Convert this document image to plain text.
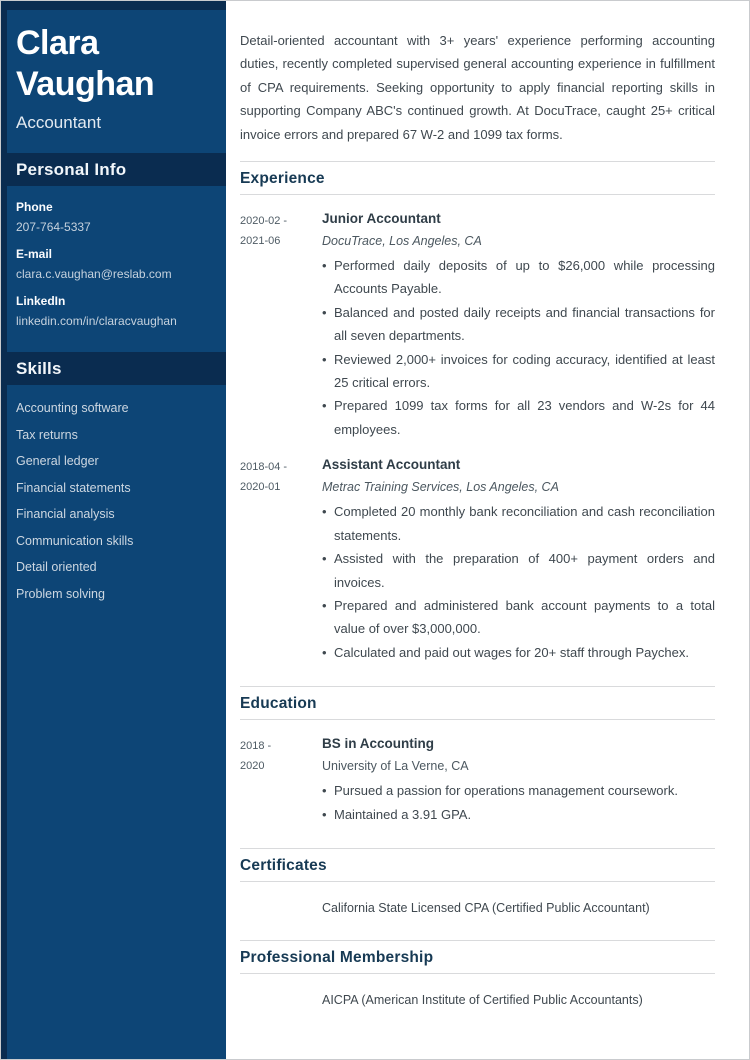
Clara Vaughan
Accountant
Personal Info
Phone
207-764-5337
E-mail
clara.c.vaughan@reslab.com
LinkedIn
linkedin.com/in/claracvaughan
Skills
Accounting software
Tax returns
General ledger
Financial statements
Financial analysis
Communication skills
Detail oriented
Problem solving

Detail-oriented accountant with 3+ years' experience performing accounting duties, recently completed supervised general accounting experience in fulfillment of CPA requirements. Seeking opportunity to apply financial reporting skills in supporting Company ABC's continued growth. At DocuTrace, caught 25+ critical invoice errors and prepared 67 W-2 and 1099 tax forms.

Experience
2020-02 -
2021-06
Junior Accountant
DocuTrace, Los Angeles, CA
• Performed daily deposits of up to $26,000 while processing Accounts Payable.
• Balanced and posted daily receipts and financial transactions for all seven departments.
• Reviewed 2,000+ invoices for coding accuracy, identified at least 25 critical errors.
• Prepared 1099 tax forms for all 23 vendors and W-2s for 44 employees.
2018-04 -
2020-01
Assistant Accountant
Metrac Training Services, Los Angeles, CA
• Completed 20 monthly bank reconciliation and cash reconciliation statements.
• Assisted with the preparation of 400+ payment orders and invoices.
• Prepared and administered bank account payments to a total value of over $3,000,000.
• Calculated and paid out wages for 20+ staff through Paychex.
Education
2018 -
2020
BS in Accounting
University of La Verne, CA
• Pursued a passion for operations management coursework.
• Maintained a 3.91 GPA.
Certificates
California State Licensed CPA (Certified Public Accountant)
Professional Membership
AICPA (American Institute of Certified Public Accountants)
